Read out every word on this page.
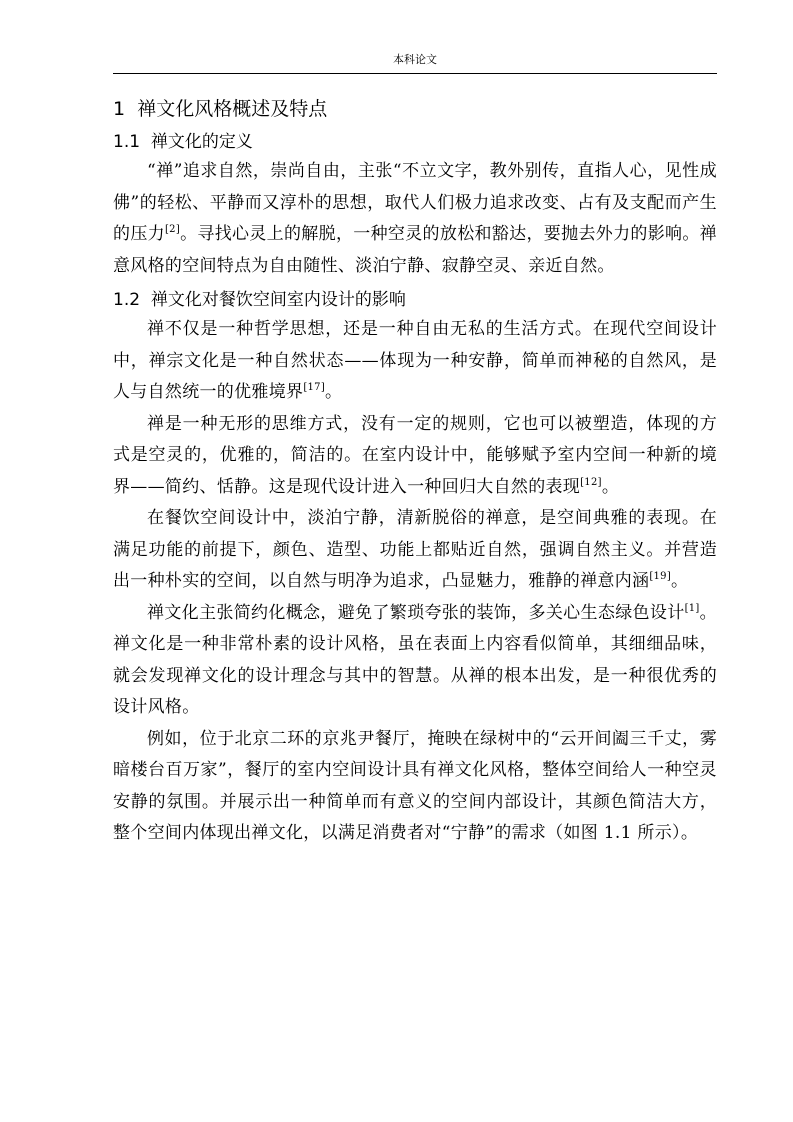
本科论文
1 禅文化风格概述及特点
1.1 禅文化的定义

“禅”追求自然，崇尚自由，主张“不立文字，教外别传，直指人心，见性成佛”的轻松、平静而又淳朴的思想，取代人们极力追求改变、占有及支配而产生的压力[2]。寻找心灵上的解脱，一种空灵的放松和豁达，要抛去外力的影响。禅意风格的空间特点为自由随性、淡泊宁静、寂静空灵、亲近自然。

1.2 禅文化对餐饮空间室内设计的影响

禅不仅是一种哲学思想，还是一种自由无私的生活方式。在现代空间设计中，禅宗文化是一种自然状态——体现为一种安静，简单而神秘的自然风，是人与自然统一的优雅境界[17]。

禅是一种无形的思维方式，没有一定的规则，它也可以被塑造，体现的方式是空灵的，优雅的，简洁的。在室内设计中，能够赋予室内空间一种新的境界——简约、恬静。这是现代设计进入一种回归大自然的表现[12]。

在餐饮空间设计中，淡泊宁静，清新脱俗的禅意，是空间典雅的表现。在满足功能的前提下，颜色、造型、功能上都贴近自然，强调自然主义。并营造出一种朴实的空间，以自然与明净为追求，凸显魅力，雅静的禅意内涵[19]。

禅文化主张简约化概念，避免了繁琐夸张的装饰，多关心生态绿色设计[1]。禅文化是一种非常朴素的设计风格，虽在表面上内容看似简单，其细细品味，就会发现禅文化的设计理念与其中的智慧。从禅的根本出发，是一种很优秀的设计风格。

例如，位于北京二环的京兆尹餐厅，掩映在绿树中的“云开间阖三千丈，雾暗楼台百万家”，餐厅的室内空间设计具有禅文化风格，整体空间给人一种空灵安静的氛围。并展示出一种简单而有意义的空间内部设计，其颜色简洁大方，整个空间内体现出禅文化，以满足消费者对“宁静”的需求（如图 1.1 所示）。
